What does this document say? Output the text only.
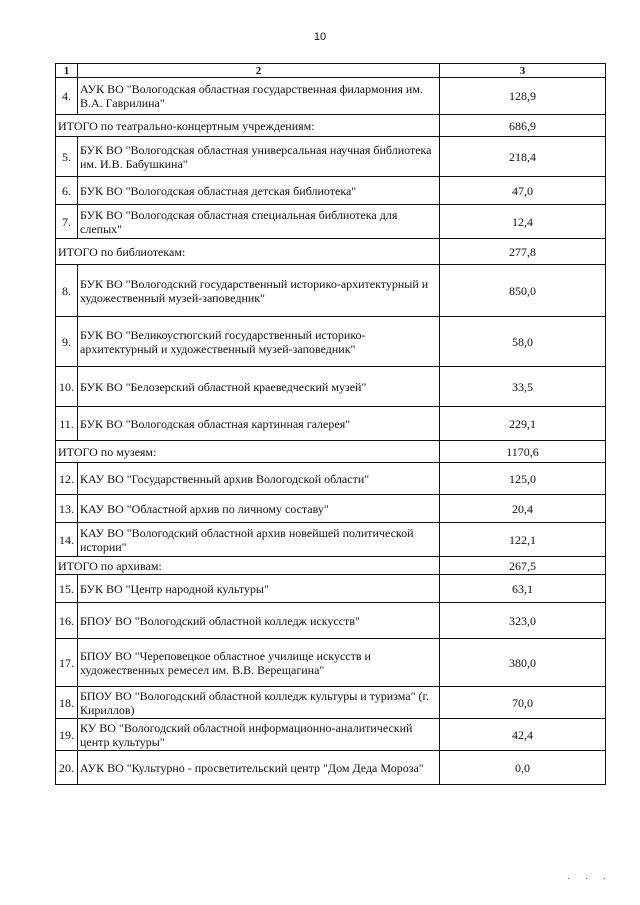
10
1	2	3
4.	АУК ВО "Вологодская областная государственная филармония им. В.А. Гаврилина"	128,9
ИТОГО по театрально-концертным учреждениям:		686,9
5.	БУК ВО "Вологодская областная универсальная научная библиотека им. И.В. Бабушкина"	218,4
6.	БУК ВО "Вологодская областная детская библиотека"	47,0
7.	БУК ВО "Вологодская областная специальная библиотека для слепых"	12,4
ИТОГО по библиотекам:		277,8
8.	БУК ВО "Вологодский государственный историко-архитектурный и художественный музей-заповедник"	850,0
9.	БУК ВО "Великоустюгский государственный историко-архитектурный и художественный музей-заповедник"	58,0
10.	БУК ВО "Белозерский областной краеведческий музей"	33,5
11.	БУК ВО "Вологодская областная картинная галерея"	229,1
ИТОГО по музеям:		1170,6
12.	КАУ ВО "Государственный архив Вологодской области"	125,0
13.	КАУ ВО "Областной архив по личному составу"	20,4
14.	КАУ ВО "Вологодский областной архив новейшей политической истории"	122,1
ИТОГО по архивам:		267,5
15.	БУК ВО "Центр народной культуры"	63,1
16.	БПОУ ВО "Вологодский областной колледж искусств"	323,0
17.	БПОУ ВО "Череповецкое областное училище искусств и художественных ремесел им. В.В. Верещагина"	380,0
18.	БПОУ ВО "Вологодский областной колледж культуры и туризма" (г. Кириллов)	70,0
19.	КУ ВО "Вологодский областной информационно-аналитический центр культуры"	42,4
20.	АУК ВО "Культурно - просветительский центр "Дом Деда Мороза"	0,0
· · ·
